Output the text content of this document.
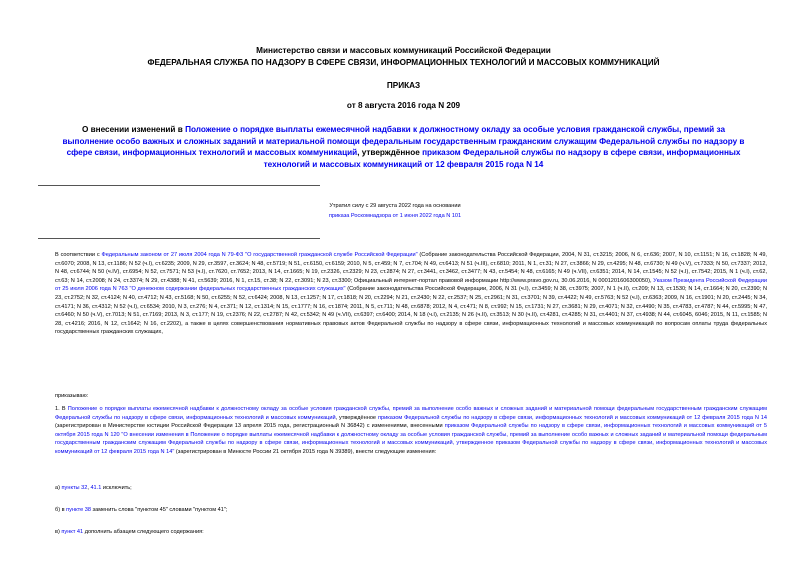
Министерство связи и массовых коммуникаций Российской Федерации
ФЕДЕРАЛЬНАЯ СЛУЖБА ПО НАДЗОРУ В СФЕРЕ СВЯЗИ, ИНФОРМАЦИОННЫХ ТЕХНОЛОГИЙ И МАССОВЫХ КОММУНИКАЦИЙ
ПРИКАЗ
от 8 августа 2016 года N 209
О внесении изменений в Положение о порядке выплаты ежемесячной надбавки к должностному окладу за особые условия гражданской службы, премий за выполнение особо важных и сложных заданий и материальной помощи федеральным государственным гражданским служащим Федеральной службы по надзору в сфере связи, информационных технологий и массовых коммуникаций, утверждённое приказом Федеральной службы по надзору в сфере связи, информационных технологий и массовых коммуникаций от 12 февраля 2015 года N 14
Утратил силу с 29 августа 2022 года на основании
приказа Роскомнадзора от 1 июня 2022 года N 101

В соответствии с Федеральным законом от 27 июля 2004 года N 79-ФЗ "О государственной гражданской службе Российской Федерации" (Собрание законодательства Российской Федерации, 2004, N 31, ст.3215; 2006, N 6, ст.636; 2007, N 10, ст.1151; N 16, ст.1828; N 49, ст.6070; 2008, N 13, ст.1186; N 52 (ч.I), ст.6235; 2009, N 29, ст.3597, ст.3624; N 48, ст.5719; N 51, ст.6150, ст.6159; 2010, N 5, ст.459; N 7, ст.704; N 49, ст.6413; N 51 (ч.III), ст.6810; 2011, N 1, ст.31; N 27, ст.3866; N 29, ст.4295; N 48, ст.6730; N 49 (ч.V), ст.7333; N 50, ст.7337; 2012, N 48, ст.6744; N 50 (ч.IV), ст.6954; N 52, ст.7571; N 53 (ч.I), ст.7620, ст.7652; 2013, N 14, ст.1665; N 19, ст.2326, ст.2329; N 23, ст.2874; N 27, ст.3441, ст.3462, ст.3477; N 43, ст.5454; N 48, ст.6165; N 49 (ч.VII), ст.6351; 2014, N 14, ст.1545; N 52 (ч.I), ст.7542; 2015, N 1 (ч.I), ст.62, ст.63; N 14, ст.2008; N 24, ст.3374; N 29, ст.4388; N 41, ст.5639; 2016, N 1, ст.15, ст.38; N 22, ст.3091; N 23, ст.3300; Официальный интернет-портал правовой информации http://www.pravo.gov.ru, 30.06.2016, N 0001201606300050), Указом Президента Российской Федерации от 25 июля 2006 года N 763 "О денежном содержании федеральных государственных гражданских служащих" (Собрание законодательства Российской Федерации, 2006, N 31 (ч.I), ст.3459; N 38, ст.3975; 2007, N 1 (ч.II), ст.209; N 13, ст.1530; N 14, ст.1664; N 20, ст.2390; N 23, ст.2752; N 32, ст.4124; N 40, ст.4712; N 43, ст.5168; N 50, ст.6255; N 52, ст.6424; 2008, N 13, ст.1257; N 17, ст.1818; N 20, ст.2294; N 21, ст.2430; N 22, ст.2537; N 25, ст.2961; N 31, ст.3701; N 39, ст.4422; N 49, ст.5763; N 52 (ч.I), ст.6363; 2009, N 16, ст.1901; N 20, ст.2445; N 34, ст.4171; N 36, ст.4312; N 52 (ч.I), ст.6534; 2010, N 3, ст.276; N 4, ст.371; N 12, ст.1314; N 15, ст.1777; N 16, ст.1874; 2011, N 5, ст.711; N 48, ст.6878; 2012, N 4, ст.471; N 8, ст.992; N 15, ст.1731; N 27, ст.3681; N 29, ст.4071; N 32, ст.4490; N 35, ст.4783, ст.4787; N 44, ст.5995; N 47, ст.6460; N 50 (ч.V), ст.7013; N 51, ст.7169; 2013, N 3, ст.177; N 19, ст.2376; N 22, ст.2787; N 42, ст.5342; N 49 (ч.VII), ст.6397; ст.6400; 2014, N 18 (ч.I), ст.2135; N 26 (ч.II), ст.3513; N 30 (ч.II), ст.4281, ст.4285; N 31, ст.4401; N 37, ст.4938; N 44, ст.6045, 6046; 2015, N 11, ст.1585; N 28, ст.4216; 2016, N 12, ст.1642; N 16, ст.2202), а также в целях совершенствования нормативных правовых актов Федеральной службы по надзору в сфере связи, информационных технологий и массовых коммуникаций по вопросам оплаты труда федеральных государственных гражданских служащих,

приказываю:

1. В Положение о порядке выплаты ежемесячной надбавки к должностному окладу за особые условия гражданской службы, премий за выполнение особо важных и сложных заданий и материальной помощи федеральным государственным гражданским служащим Федеральной службы по надзору в сфере связи, информационных технологий и массовых коммуникаций, утверждённое приказом Федеральной службы по надзору в сфере связи, информационных технологий и массовых коммуникаций от 12 февраля 2015 года N 14 (зарегистрирован в Министерстве юстиции Российской Федерации 13 апреля 2015 года, регистрационный N 36842) с изменениями, внесенными приказом Федеральной службы по надзору в сфере связи, информационных технологий и массовых коммуникаций от 5 октября 2015 года N 120 "О внесении изменения в Положение о порядке выплаты ежемесячной надбавки к должностному окладу за особые условия гражданской службы, премий за выполнение особо важных и сложных заданий и материальной помощи федеральным государственным гражданским служащим Федеральной службы по надзору в сфере связи, информационных технологий и массовых коммуникаций, утвержденное приказом Федеральной службы по надзору в сфере связи, информационных технологий и массовых коммуникаций от 12 февраля 2015 года N 14" (зарегистрирован в Минюсте России 21 октября 2015 года N 39389), внести следующие изменения:

а) пункты 32, 41.1 исключить;
б) в пункте 38 заменить слова "пунктом 45" словами "пунктом 41";
в) пункт 41 дополнить абзацем следующего содержания:
